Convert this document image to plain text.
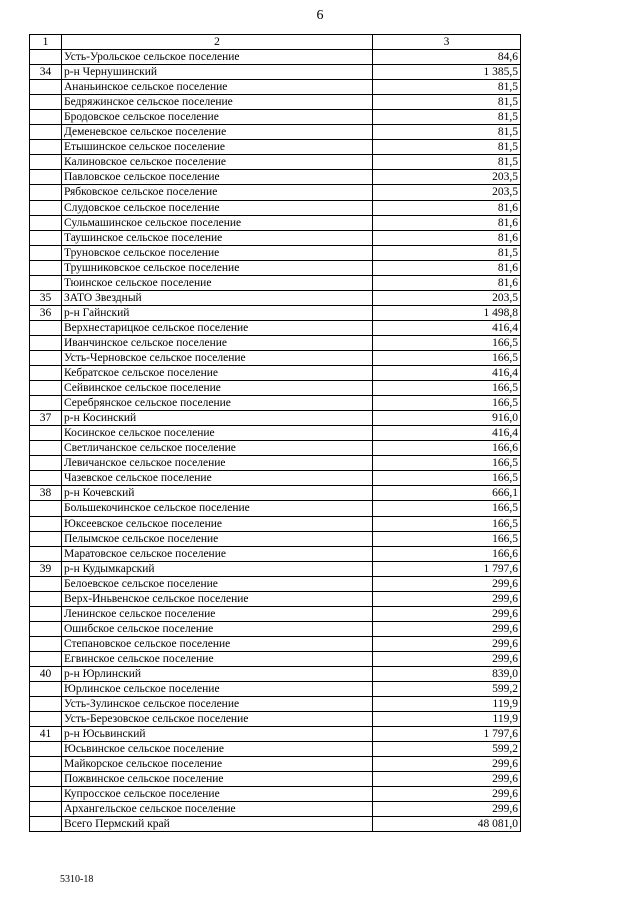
6
1	2	3
	Усть-Урольское сельское поселение	84,6
34	р-н Чернушинский	1 385,5
	Ананьинское сельское поселение	81,5
	Бедряжинское сельское поселение	81,5
	Бродовское сельское поселение	81,5
	Деменевское сельское поселение	81,5
	Етышинское сельское поселение	81,5
	Калиновское сельское поселение	81,5
	Павловское сельское поселение	203,5
	Рябковское сельское поселение	203,5
	Слудовское сельское поселение	81,6
	Сульмашинское сельское поселение	81,6
	Таушинское сельское поселение	81,6
	Труновское сельское поселение	81,5
	Трушниковское сельское поселение	81,6
	Тюинское сельское поселение	81,6
35	ЗАТО Звездный	203,5
36	р-н Гайнский	1 498,8
	Верхнестарицкое сельское поселение	416,4
	Иванчинское сельское поселение	166,5
	Усть-Черновское сельское поселение	166,5
	Кебратское сельское поселение	416,4
	Сейвинское сельское поселение	166,5
	Серебрянское сельское поселение	166,5
37	р-н Косинский	916,0
	Косинское сельское поселение	416,4
	Светличанское сельское поселение	166,6
	Левичанское сельское поселение	166,5
	Чазевское сельское поселение	166,5
38	р-н Кочевский	666,1
	Большекочинское сельское поселение	166,5
	Юксеевское сельское поселение	166,5
	Пелымское сельское поселение	166,5
	Маратовское сельское поселение	166,6
39	р-н Кудымкарский	1 797,6
	Белоевское сельское поселение	299,6
	Верх-Иньвенское сельское поселение	299,6
	Ленинское сельское поселение	299,6
	Ошибское сельское поселение	299,6
	Степановское сельское поселение	299,6
	Егвинское сельское поселение	299,6
40	р-н Юрлинский	839,0
	Юрлинское сельское поселение	599,2
	Усть-Зулинское сельское поселение	119,9
	Усть-Березовское сельское поселение	119,9
41	р-н Юсьвинский	1 797,6
	Юсьвинское сельское поселение	599,2
	Майкорское сельское поселение	299,6
	Пожвинское сельское поселение	299,6
	Купросское сельское поселение	299,6
	Архангельское сельское поселение	299,6
	Всего Пермский край	48 081,0
5310-18
